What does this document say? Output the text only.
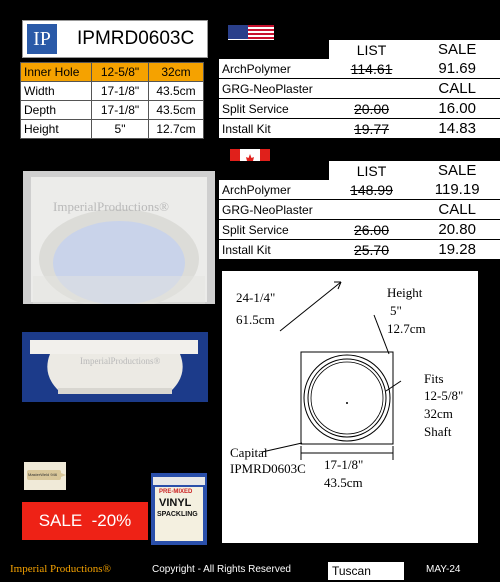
IP	IPMRD0603C
Inner Hole	12-5/8"	32cm
Width	17-1/8"	43.5cm
Depth	17-1/8"	43.5cm
Height	5"	12.7cm
	LIST	SALE
ArchPolymer	114.61	91.69
GRG-NeoPlaster		CALL
Split Service	20.00	16.00
Install Kit	19.77	14.83
	LIST	SALE
ArchPolymer	148.99	119.19
GRG-NeoPlaster		CALL
Split Service	26.00	20.80
Install Kit	25.70	19.28
ImperialProductions®
ImperialProductions®
MasterWeld 946
SALE  -20%
PRE-MIXED
VINYL
SPACKLING
24-1/4"
61.5cm
Height
5"
12.7cm
Fits
12-5/8"
32cm
Shaft
Capital
IPMRD0603C 17-1/8"
43.5cm
Imperial Productions®	Copyright - All Rights Reserved	Tuscan	MAY-24
